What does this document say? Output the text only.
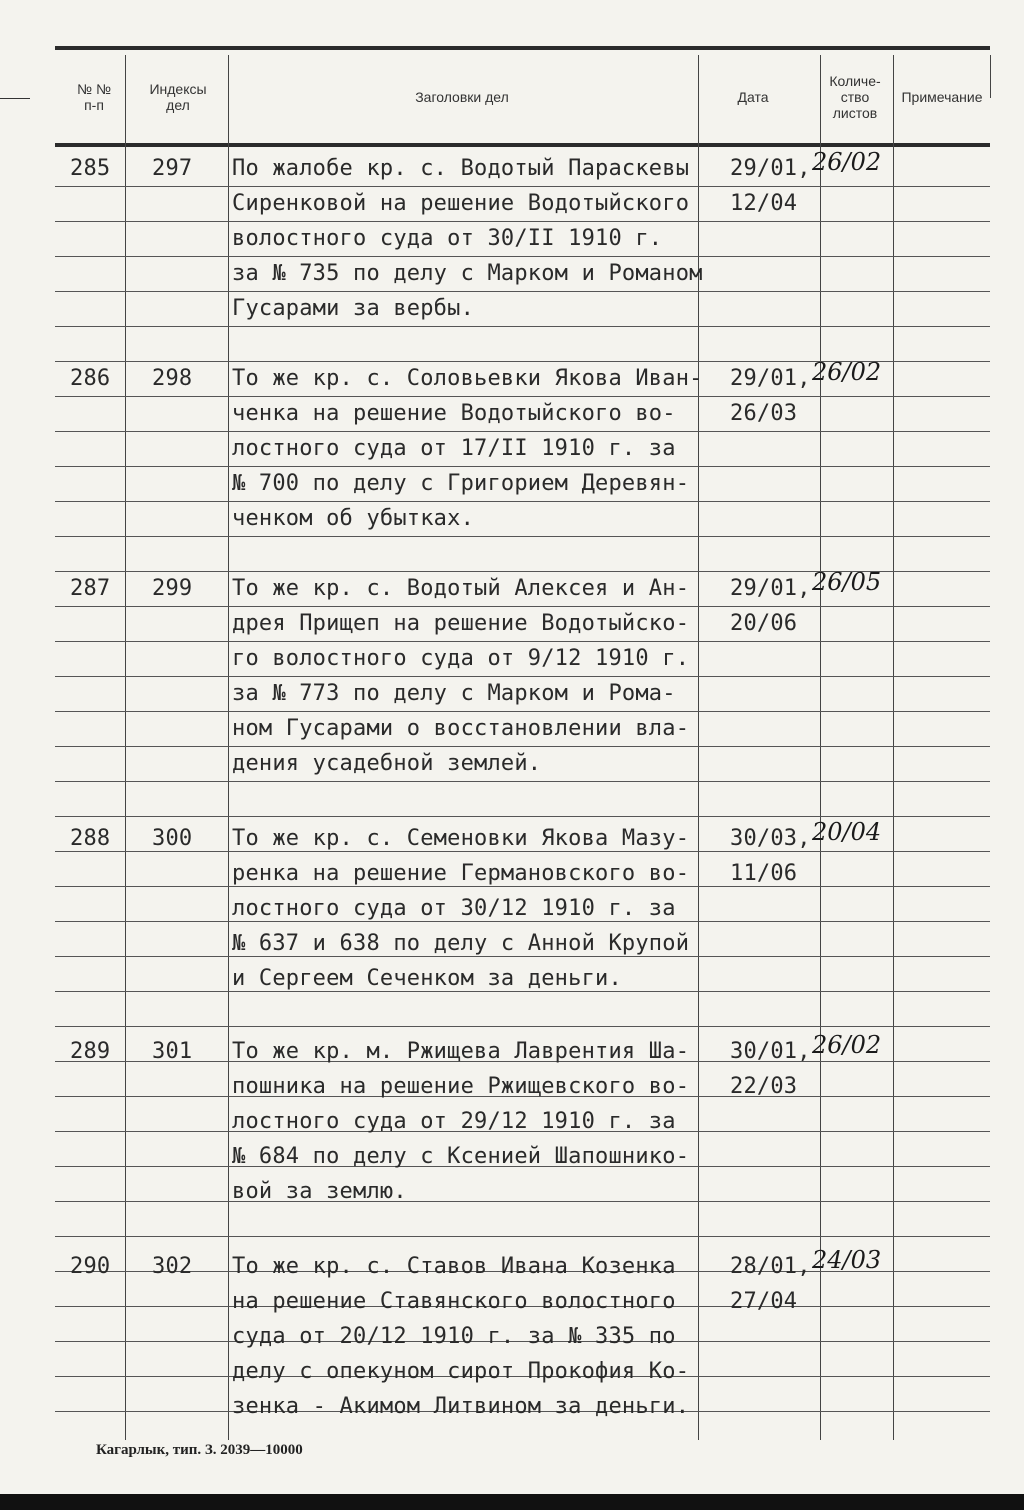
№ №
п-п
Индексы
дел	Заголовки дел	Дата
Количе-
ство
листов
Примечание
285 297 По жалобе кр. с. Водотый Параскевы
Сиренковой на решение Водотыйского
волостного суда от 30/II 1910 г.
за № 735 по делу с Марком и Романом
Гусарами за вербы.
29/01,
12/04
26/02
286 298 То же кр. с. Соловьевки Якова Иван-
ченка на решение Водотыйского во-
лостного суда от 17/II 1910 г. за
№ 700 по делу с Григорием Деревян-
ченком об убытках.
29/01,
26/03
26/02
287 299 То же кр. с. Водотый Алексея и Ан-
дрея Прищеп на решение Водотыйско-
го волостного суда от 9/12 1910 г.
за № 773 по делу с Марком и Рома-
ном Гусарами о восстановлении вла-
дения усадебной землей.
29/01,
20/06
26/05
288 300 То же кр. с. Семеновки Якова Мазу-
ренка на решение Германовского во-
лостного суда от 30/12 1910 г. за
№ 637 и 638 по делу с Анной Крупой
и Сергеем Сеченком за деньги.
30/03,
11/06
20/04
289 301 То же кр. м. Ржищева Лаврентия Ша-
пошника на решение Ржищевского во-
лостного суда от 29/12 1910 г. за
№ 684 по делу с Ксенией Шапошнико-
вой за землю.
30/01,
22/03
26/02
290 302 То же кр. с. Ставов Ивана Козенка
на решение Ставянского волостного
суда от 20/12 1910 г. за № 335 по
делу с опекуном сирот Прокофия Ко-
зенка - Акимом Литвином за деньги.
28/01,
27/04
24/03
Кагарлык, тип. З. 2039—10000
